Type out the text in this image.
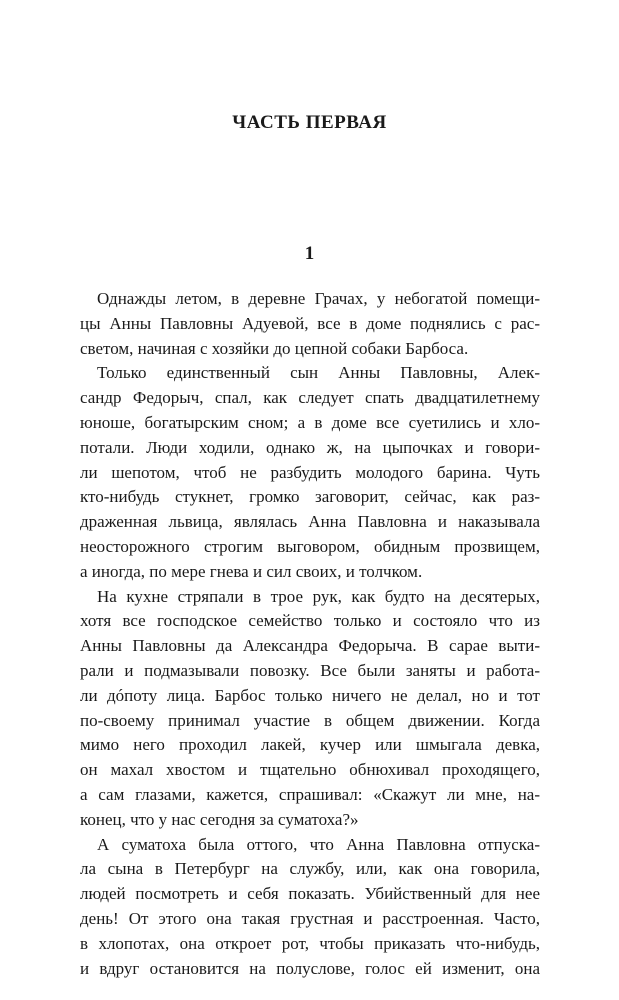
ЧАСТЬ ПЕРВАЯ
1
Однажды летом, в деревне Грачах, у небогатой помещи-
цы Анны Павловны Адуевой, все в доме поднялись с рас-
светом, начиная с хозяйки до цепной собаки Барбоса.
Только единственный сын Анны Павловны, Алек-
сандр Федорыч, спал, как следует спать двадцатилетнему
юноше, богатырским сном; а в доме все суетились и хло-
потали. Люди ходили, однако ж, на цыпочках и говори-
ли шепотом, чтоб не разбудить молодого барина. Чуть
кто-нибудь стукнет, громко заговорит, сейчас, как раз-
драженная львица, являлась Анна Павловна и наказывала
неосторожного строгим выговором, обидным прозвищем,
а иногда, по мере гнева и сил своих, и толчком.
На кухне стряпали в трое рук, как будто на десятерых,
хотя все господское семейство только и состояло что из
Анны Павловны да Александра Федорыча. В сарае выти-
рали и подмазывали повозку. Все были заняты и работа-
ли дóпоту лица. Барбос только ничего не делал, но и тот
по-своему принимал участие в общем движении. Когда
мимо него проходил лакей, кучер или шмыгала девка,
он махал хвостом и тщательно обнюхивал проходящего,
а сам глазами, кажется, спрашивал: «Скажут ли мне, на-
конец, что у нас сегодня за суматоха?»
А суматоха была оттого, что Анна Павловна отпуска-
ла сына в Петербург на службу, или, как она говорила,
людей посмотреть и себя показать. Убийственный для нее
день! От этого она такая грустная и расстроенная. Часто,
в хлопотах, она откроет рот, чтобы приказать что-нибудь,
и вдруг остановится на полуслове, голос ей изменит, она
